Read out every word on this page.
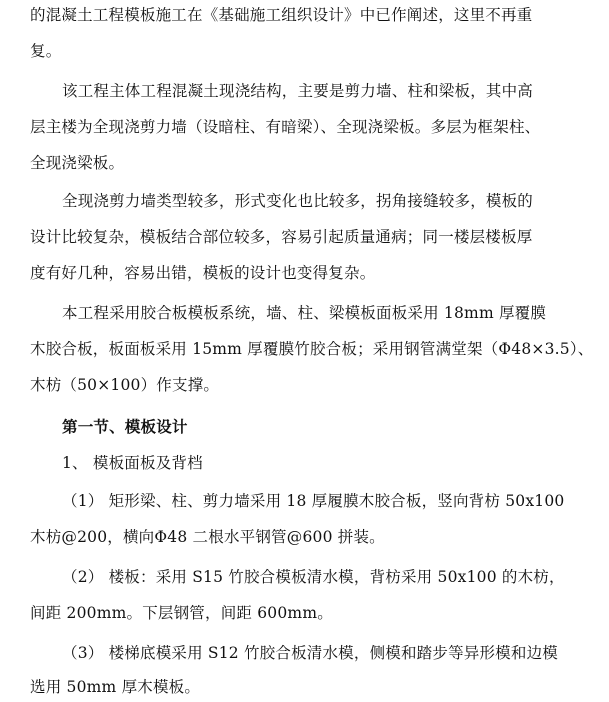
的混凝土工程模板施工在《基础施工组织设计》中已作阐述，这里不再重
复。
该工程主体工程混凝土现浇结构，主要是剪力墙、柱和梁板，其中高
层主楼为全现浇剪力墙（设暗柱、有暗梁）、全现浇梁板。多层为框架柱、
全现浇梁板。
全现浇剪力墙类型较多，形式变化也比较多，拐角接缝较多，模板的
设计比较复杂，模板结合部位较多，容易引起质量通病；同一楼层楼板厚
度有好几种，容易出错，模板的设计也变得复杂。
本工程采用胶合板模板系统，墙、柱、梁模板面板采用 18mm 厚覆膜
木胶合板，板面板采用 15mm 厚覆膜竹胶合板；采用钢管满堂架（Φ48×3.5）、
木枋（50×100）作支撑。
第一节、模板设计
1、 模板面板及背档
（1） 矩形梁、柱、剪力墙采用 18 厚履膜木胶合板，竖向背枋 50x100
木枋@200，横向Φ48 二根水平钢管@600 拼装。
（2） 楼板：采用 S15 竹胶合模板清水模，背枋采用 50x100 的木枋，
间距 200mm。下层钢管，间距 600mm。
（3） 楼梯底模采用 S12 竹胶合板清水模，侧模和踏步等异形模和边模
选用 50mm 厚木模板。
